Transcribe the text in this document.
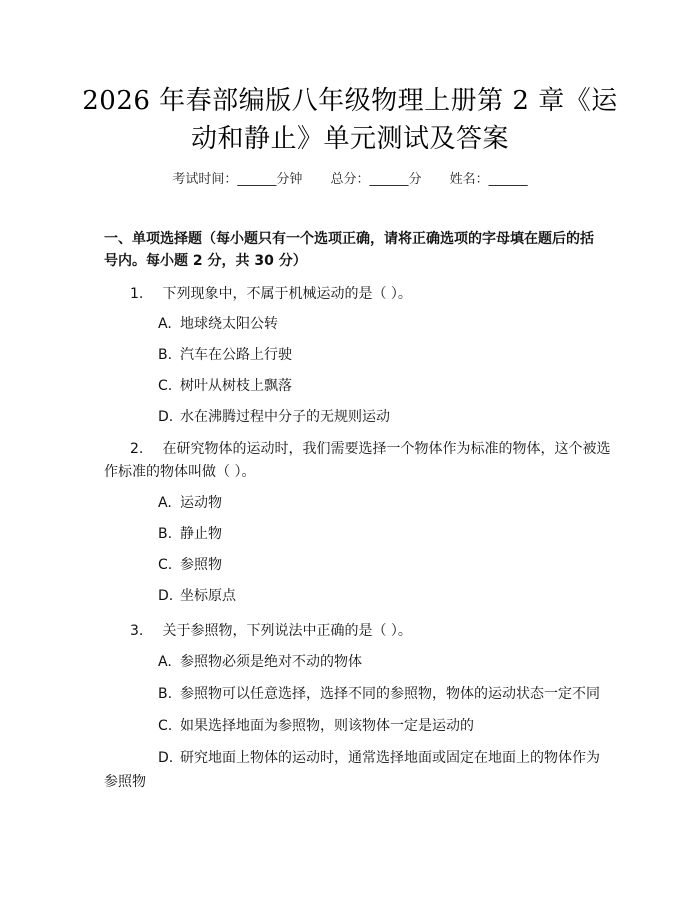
2026 年春部编版八年级物理上册第 2 章《运
动和静止》单元测试及答案
考试时间：______分钟 总分：______分 姓名：______
一、单项选择题（每小题只有一个选项正确，请将正确选项的字母填在题后的括
号内。每小题 2 分，共 30 分）
1. 下列现象中，不属于机械运动的是（ ）。
A. 地球绕太阳公转
B. 汽车在公路上行驶
C. 树叶从树枝上飘落
D. 水在沸腾过程中分子的无规则运动
2. 在研究物体的运动时，我们需要选择一个物体作为标准的物体，这个被选
作标准的物体叫做（ ）。
A. 运动物
B. 静止物
C. 参照物
D. 坐标原点
3. 关于参照物，下列说法中正确的是（ ）。
A. 参照物必须是绝对不动的物体
B. 参照物可以任意选择，选择不同的参照物，物体的运动状态一定不同
C. 如果选择地面为参照物，则该物体一定是运动的
D. 研究地面上物体的运动时，通常选择地面或固定在地面上的物体作为
参照物
